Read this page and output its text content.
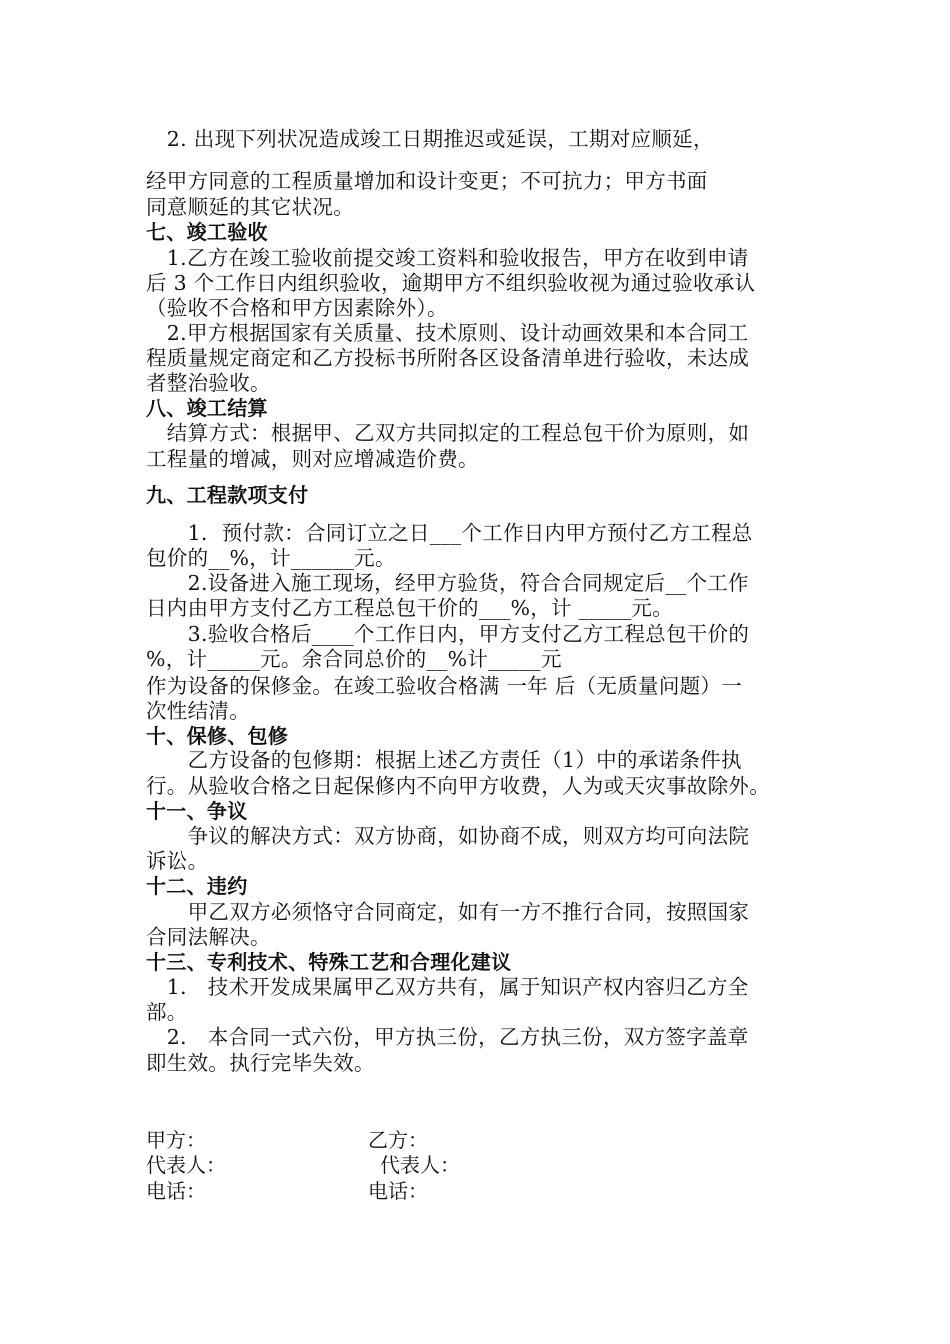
　2. 出现下列状况造成竣工日期推迟或延误，工期对应顺延，
经甲方同意的工程质量增加和设计变更；不可抗力；甲方书面
同意顺延的其它状况。
七、竣工验收
　1.乙方在竣工验收前提交竣工资料和验收报告，甲方在收到申请
后 3 个工作日内组织验收，逾期甲方不组织验收视为通过验收承认
（验收不合格和甲方因素除外）。
　2.甲方根据国家有关质量、技术原则、设计动画效果和本合同工
程质量规定商定和乙方投标书所附各区设备清单进行验收，未达成
者整治验收。
八、竣工结算
　结算方式：根据甲、乙双方共同拟定的工程总包干价为原则，如
工程量的增减，则对应增减造价费。
九、工程款项支付
　　1．预付款：合同订立之日___个工作日内甲方预付乙方工程总
包价的__%，计______元。
　　2.设备进入施工现场，经甲方验货，符合合同规定后__个工作
日内由甲方支付乙方工程总包干价的___%，计 _____元。
　　3.验收合格后____个工作日内，甲方支付乙方工程总包干价的
%，计_____元。余合同总价的__%计_____元
作为设备的保修金。在竣工验收合格满 一年 后（无质量问题）一
次性结清。
十、保修、包修
　　乙方设备的包修期：根据上述乙方责任（1）中的承诺条件执
行。从验收合格之日起保修内不向甲方收费，人为或天灾事故除外。
十一、争议
　　争议的解决方式：双方协商，如协商不成，则双方均可向法院
诉讼。
十二、违约
　　甲乙双方必须恪守合同商定，如有一方不推行合同，按照国家
合同法解决。
十三、专利技术、特殊工艺和合理化建议
　1． 技术开发成果属甲乙双方共有，属于知识产权内容归乙方全
部。
　2． 本合同一式六份，甲方执三份，乙方执三份，双方签字盖章
即生效。执行完毕失效。
甲方：	乙方：
代表人：	代表人：
电话：	电话：
